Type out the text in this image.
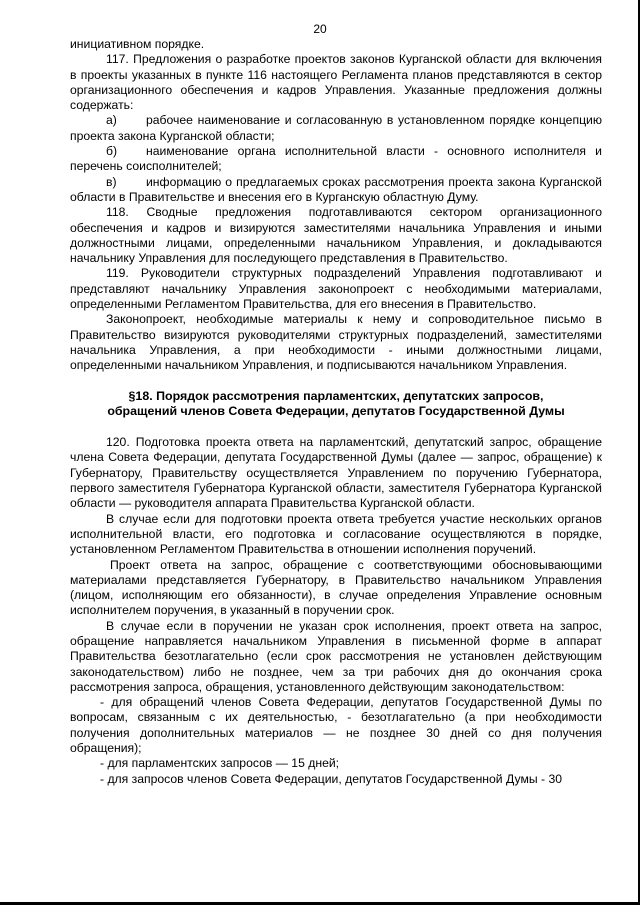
20

инициативном порядке.

117. Предложения о разработке проектов законов Курганской области для включения в проекты указанных в пункте 116 настоящего Регламента планов представляются в сектор организационного обеспечения и кадров Управления. Указанные предложения должны содержать:

а) рабочее наименование и согласованную в установленном порядке концепцию проекта закона Курганской области;

б) наименование органа исполнительной власти - основного исполнителя и перечень соисполнителей;

в) информацию о предлагаемых сроках рассмотрения проекта закона Курганской области в Правительстве и внесения его в Курганскую областную Думу.

118. Сводные предложения подготавливаются сектором организационного обеспечения и кадров и визируются заместителями начальника Управления и иными должностными лицами, определенными начальником Управления, и докладываются начальнику Управления для последующего представления в Правительство.

119. Руководители структурных подразделений Управления подготавливают и представляют начальнику Управления законопроект с необходимыми материалами, определенными Регламентом Правительства, для его внесения в Правительство.

Законопроект, необходимые материалы к нему и сопроводительное письмо в Правительство визируются руководителями структурных подразделений, заместителями начальника Управления, а при необходимости - иными должностными лицами, определенными начальником Управления, и подписываются начальником Управления.

§18. Порядок рассмотрения парламентских, депутатских запросов,
обращений членов Совета Федерации, депутатов Государственной Думы

120. Подготовка проекта ответа на парламентский, депутатский запрос, обращение члена Совета Федерации, депутата Государственной Думы (далее — запрос, обращение) к Губернатору, Правительству осуществляется Управлением по поручению Губернатора, первого заместителя Губернатора Курганской области, заместителя Губернатора Курганской области — руководителя аппарата Правительства Курганской области.

В случае если для подготовки проекта ответа требуется участие нескольких органов исполнительной власти, его подготовка и согласование осуществляются в порядке, установленном Регламентом Правительства в отношении исполнения поручений.

Проект ответа на запрос, обращение с соответствующими обосновывающими материалами представляется Губернатору, в Правительство начальником Управления (лицом, исполняющим его обязанности), в случае определения Управление основным исполнителем поручения, в указанный в поручении срок.

В случае если в поручении не указан срок исполнения, проект ответа на запрос, обращение направляется начальником Управления в письменной форме в аппарат Правительства безотлагательно (если срок рассмотрения не установлен действующим законодательством) либо не позднее, чем за три рабочих дня до окончания срока рассмотрения запроса, обращения, установленного действующим законодательством:

- для обращений членов Совета Федерации, депутатов Государственной Думы по вопросам, связанным с их деятельностью, - безотлагательно (а при необходимости получения дополнительных материалов — не позднее 30 дней со дня получения обращения);

- для парламентских запросов — 15 дней;

- для запросов членов Совета Федерации, депутатов Государственной Думы - 30
